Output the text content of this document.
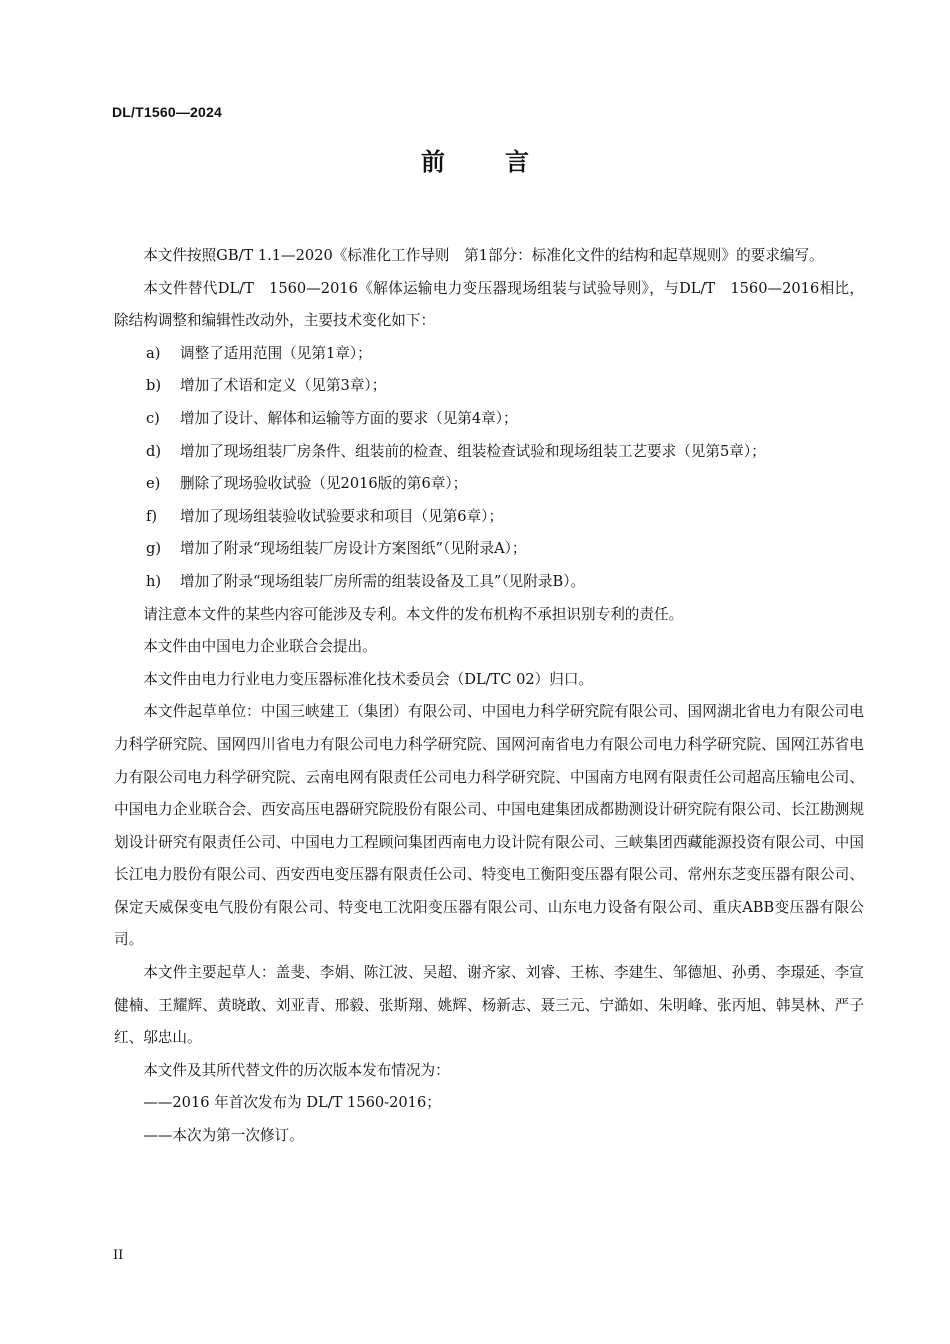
DL/T1560—2024
前言

本文件按照GB/T 1.1—2020《标准化工作导则　第1部分：标准化文件的结构和起草规则》的要求编写。

本文件替代DL/T　1560—2016《解体运输电力变压器现场组装与试验导则》，与DL/T　1560—2016相比，除结构调整和编辑性改动外，主要技术变化如下：

a) 调整了适用范围（见第1章）；

b) 增加了术语和定义（见第3章）；

c) 增加了设计、解体和运输等方面的要求（见第4章）；

d) 增加了现场组装厂房条件、组装前的检查、组装检查试验和现场组装工艺要求（见第5章）；

e) 删除了现场验收试验（见2016版的第6章）；

f) 增加了现场组装验收试验要求和项目（见第6章）；

g) 增加了附录“现场组装厂房设计方案图纸”（见附录A）；

h) 增加了附录“现场组装厂房所需的组装设备及工具”（见附录B）。

请注意本文件的某些内容可能涉及专利。本文件的发布机构不承担识别专利的责任。

本文件由中国电力企业联合会提出。

本文件由电力行业电力变压器标准化技术委员会（DL/TC 02）归口。

本文件起草单位：中国三峡建工（集团）有限公司、中国电力科学研究院有限公司、国网湖北省电力有限公司电力科学研究院、国网四川省电力有限公司电力科学研究院、国网河南省电力有限公司电力科学研究院、国网江苏省电力有限公司电力科学研究院、云南电网有限责任公司电力科学研究院、中国南方电网有限责任公司超高压输电公司、中国电力企业联合会、西安高压电器研究院股份有限公司、中国电建集团成都勘测设计研究院有限公司、长江勘测规划设计研究有限责任公司、中国电力工程顾问集团西南电力设计院有限公司、三峡集团西藏能源投资有限公司、中国长江电力股份有限公司、西安西电变压器有限责任公司、特变电工衡阳变压器有限公司、常州东芝变压器有限公司、保定天威保变电气股份有限公司、特变电工沈阳变压器有限公司、山东电力设备有限公司、重庆ABB变压器有限公司。

本文件主要起草人：盖斐、李娟、陈江波、吴超、谢齐家、刘睿、王栋、李建生、邹德旭、孙勇、李璟延、李宣健楠、王耀辉、黄晓敢、刘亚青、邢毅、张斯翔、姚辉、杨新志、聂三元、宁澔如、朱明峰、张丙旭、韩昊林、严子红、邬忠山。

本文件及其所代替文件的历次版本发布情况为：

——2016 年首次发布为 DL/T 1560-2016；

——本次为第一次修订。

II
